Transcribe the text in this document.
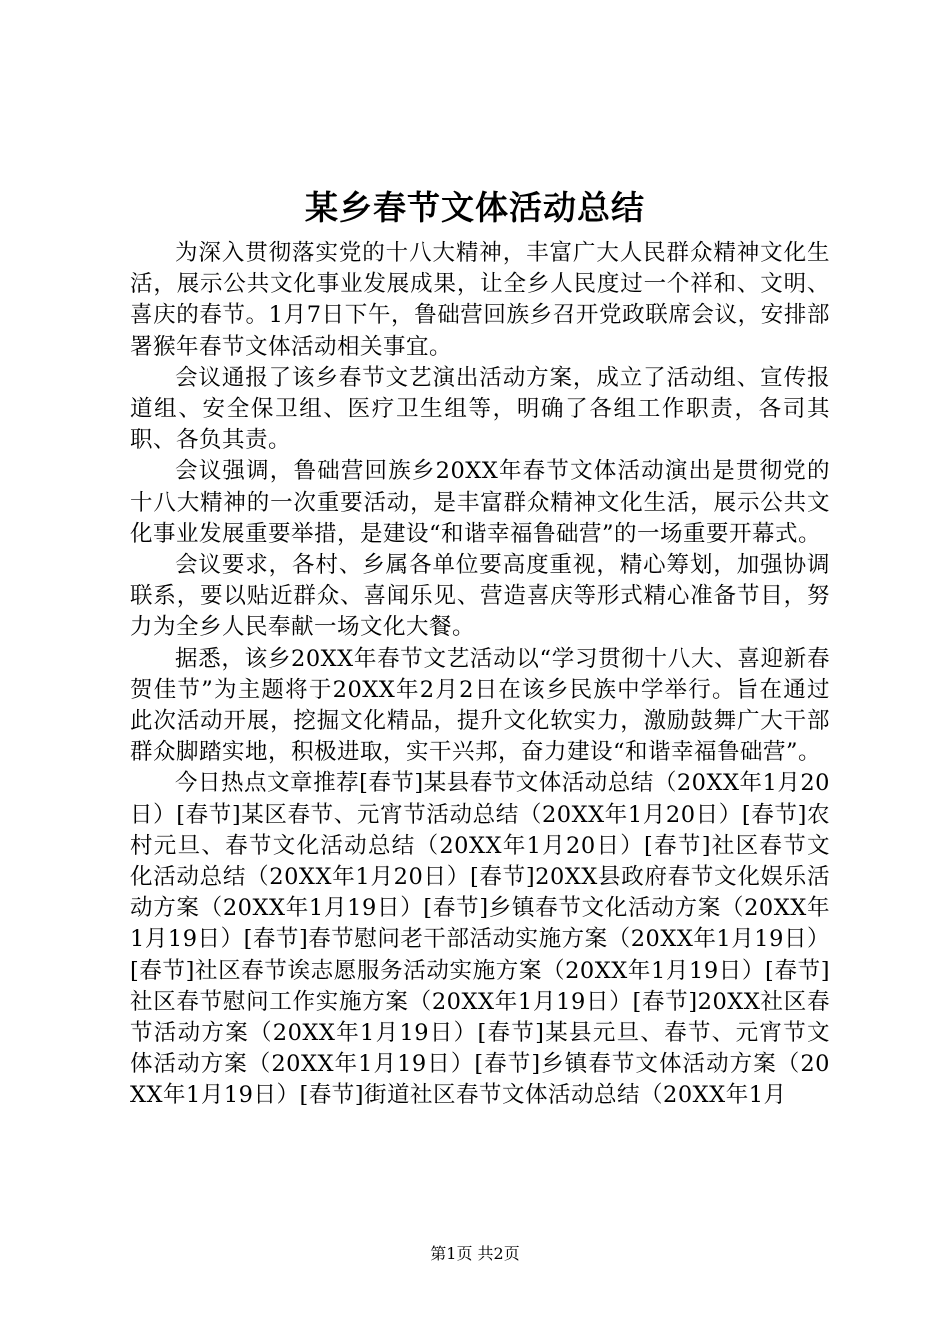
某乡春节文体活动总结

为深入贯彻落实党的十八大精神，丰富广大人民群众精神文化生活，展示公共文化事业发展成果，让全乡人民度过一个祥和、文明、喜庆的春节。1月7日下午，鲁础营回族乡召开党政联席会议，安排部署猴年春节文体活动相关事宜。

会议通报了该乡春节文艺演出活动方案，成立了活动组、宣传报道组、安全保卫组、医疗卫生组等，明确了各组工作职责，各司其职、各负其责。

会议强调，鲁础营回族乡20XX年春节文体活动演出是贯彻党的十八大精神的一次重要活动，是丰富群众精神文化生活，展示公共文化事业发展重要举措，是建设“和谐幸福鲁础营”的一场重要开幕式。

会议要求，各村、乡属各单位要高度重视，精心筹划，加强协调联系，要以贴近群众、喜闻乐见、营造喜庆等形式精心准备节目，努力为全乡人民奉献一场文化大餐。

据悉，该乡20XX年春节文艺活动以“学习贯彻十八大、喜迎新春贺佳节”为主题将于20XX年2月2日在该乡民族中学举行。旨在通过此次活动开展，挖掘文化精品，提升文化软实力，激励鼓舞广大干部群众脚踏实地，积极进取，实干兴邦，奋力建设“和谐幸福鲁础营”。

今日热点文章推荐[春节]某县春节文体活动总结（20XX年1月20日）[春节]某区春节、元宵节活动总结（20XX年1月20日）[春节]农村元旦、春节文化活动总结（20XX年1月20日）[春节]社区春节文化活动总结（20XX年1月20日）[春节]20XX县政府春节文化娱乐活动方案（20XX年1月19日）[春节]乡镇春节文化活动方案（20XX年1月19日）[春节]春节慰问老干部活动实施方案（20XX年1月19日）[春节]社区春节诶志愿服务活动实施方案（20XX年1月19日）[春节]社区春节慰问工作实施方案（20XX年1月19日）[春节]20XX社区春节活动方案（20XX年1月19日）[春节]某县元旦、春节、元宵节文体活动方案（20XX年1月19日）[春节]乡镇春节文体活动方案（20XX年1月19日）[春节]街道社区春节文体活动总结（20XX年1月

第1页 共2页
